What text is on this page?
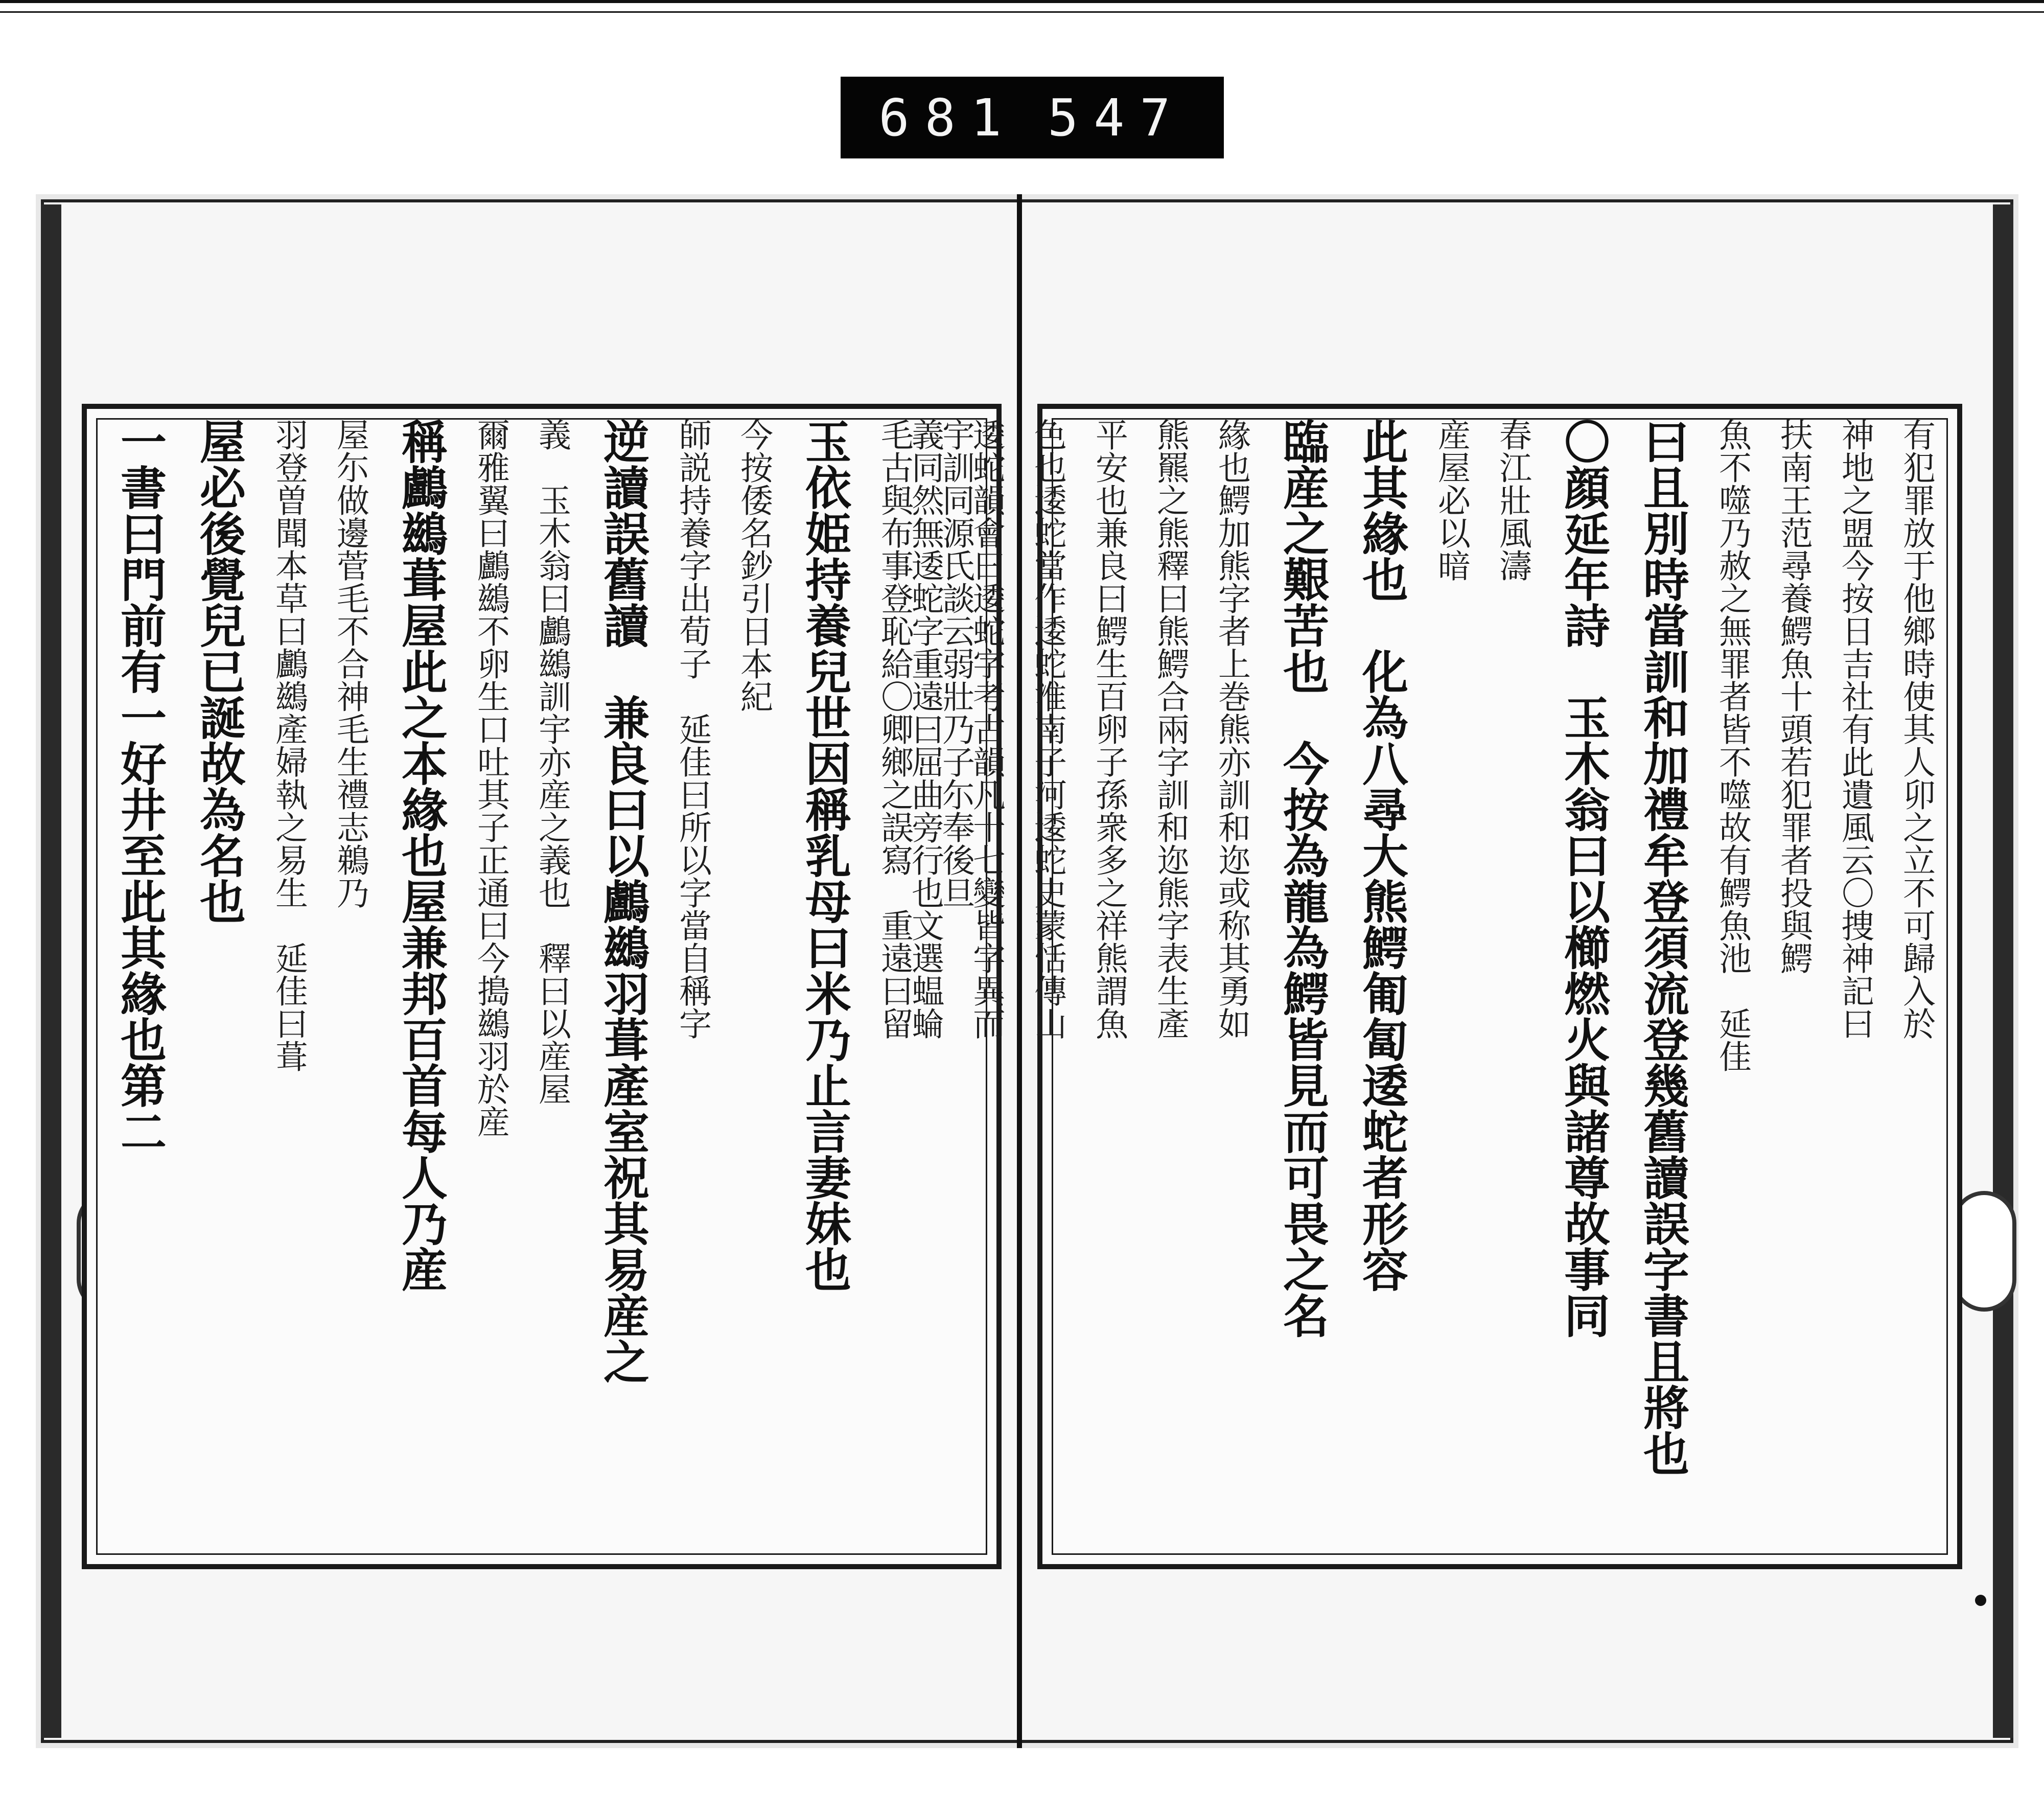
681 547

宇訓同源氏談云弱壯乃子尓奉後旦

毛古與布事登恥給〇卿鄉之誤寫　重遠曰留

玉依姫持養兒世因稱乳母曰米乃止言妻妹也

今按倭名鈔引日本紀

師説持養字出荀子　延佳曰所以字當自稱字

逆讀誤舊讀　兼良曰以鸕鷀羽葺產室祝其易産之

義　玉木翁曰鸕鷀訓宇亦産之義也　釋曰以産屋

爾雅翼曰鸕鷀不卵生口吐其子正通曰今搗鷀羽於産

稱鸕鷀葺屋此之本緣也屋兼邦百首每人乃産

屋尓做邊菅毛不合神毛生禮志鵜乃

羽登曽聞本草曰鸕鷀產婦執之易生　延佳曰葺

屋必後覺兒已誕故為名也

一書曰門前有一好井至此其緣也第二	有犯罪放于他鄉時使其人卯之立不可歸入於

神地之盟今按日吉社有此遺風云〇捜神記曰

扶南王范尋養鰐魚十頭若犯罪者投與鰐

魚不噬乃赦之無罪者皆不噬故有鰐魚池　延佳

曰且別時當訓和加禮牟登須流登幾舊讀誤字書且將也

〇顔延年詩　玉木翁曰以櫛燃火與諸尊故事同

春江壯風濤

産屋必以暗

此其緣也　化為八尋大熊鰐匍匐逶蛇者形容

臨産之艱苦也　今按為龍為鰐皆見而可畏之名

緣也鰐加熊字者上巻熊亦訓和迩或称其勇如

熊羆之熊釋曰熊鰐合兩字訓和迩熊字表生產

平安也兼良曰鰐生百卵子孫衆多之祥熊謂魚

色也逶蛇當作逶蛇淮南子河逶蛇史蒙恬傳山

逶蛇韻會曰逶蛇字考古韻凡十七變皆字異而

義同然無逶蛇字重遠曰屈曲旁行也文選蝹蜦
